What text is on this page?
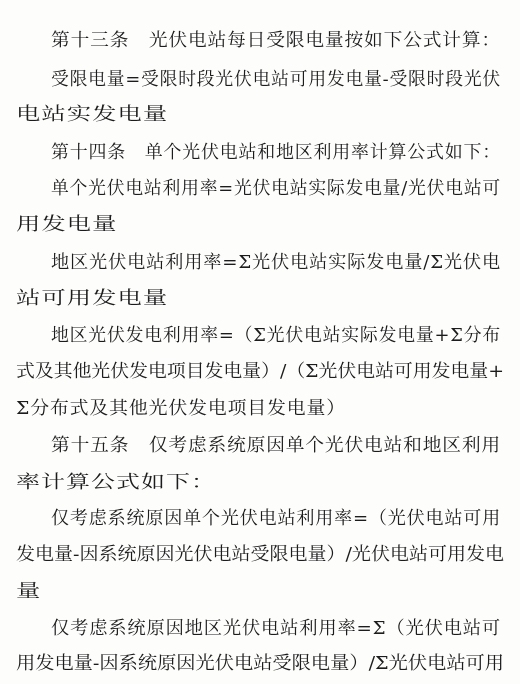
第十三条　光伏电站每日受限电量按如下公式计算：
受限电量=受限时段光伏电站可用发电量-受限时段光伏
电站实发电量
第十四条　单个光伏电站和地区利用率计算公式如下：
单个光伏电站利用率=光伏电站实际发电量/光伏电站可
用发电量
地区光伏电站利用率=Σ光伏电站实际发电量/Σ光伏电
站可用发电量
地区光伏发电利用率=（Σ光伏电站实际发电量+Σ分布
式及其他光伏发电项目发电量）/（Σ光伏电站可用发电量+
Σ分布式及其他光伏发电项目发电量）
第十五条　仅考虑系统原因单个光伏电站和地区利用
率计算公式如下：
仅考虑系统原因单个光伏电站利用率=（光伏电站可用
发电量-因系统原因光伏电站受限电量）/光伏电站可用发电
量
仅考虑系统原因地区光伏电站利用率=Σ（光伏电站可
用发电量-因系统原因光伏电站受限电量）/Σ光伏电站可用
